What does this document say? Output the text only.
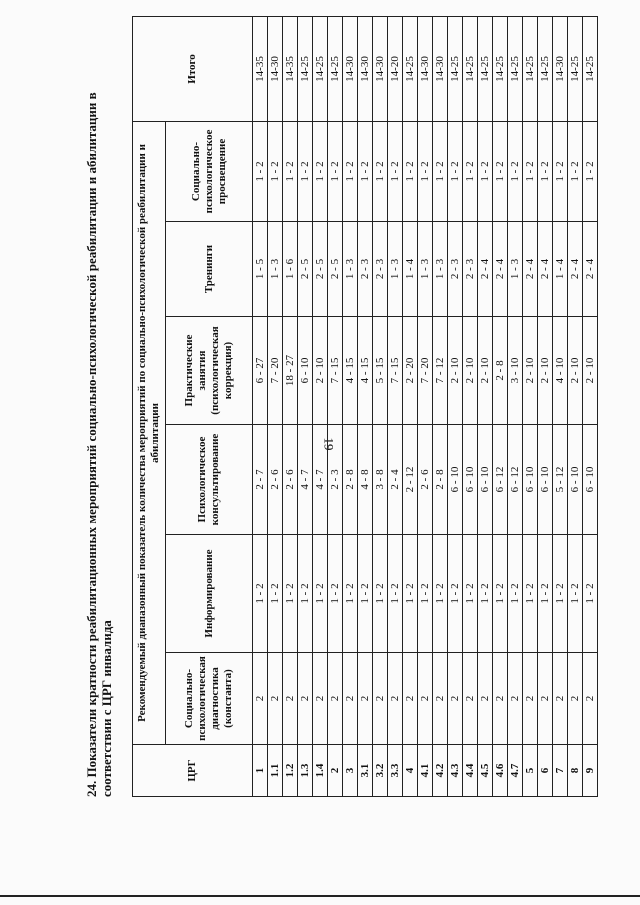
19
24. Показатели кратности реабилитационных мероприятий социально-психологической реабилитации и абилитации в соответствии с ЦРГ инвалида	ЦРГ	Рекомендуемый диапазонный показатель количества мероприятий по социально-психологической реабилитации и абилитации						Итого
	Социально-психологическая диагностика (константа)	Информирование	Психологическое консультирование	Практические занятия (психологическая коррекция)	Тренинги	Социально-психологическое просвещение	
1	2	1 - 2	2 - 7	6 - 27	1 - 5	1 - 2	14-35
1.1	2	1 - 2	2 - 6	7 - 20	1 - 3	1 - 2	14-30
1.2	2	1 - 2	2 - 6	18 - 27	1 - 6	1 - 2	14-35
1.3	2	1 - 2	4 - 7	6 - 10	2 - 5	1 - 2	14-25
1.4	2	1 - 2	4 - 7	2 - 10	2 - 5	1 - 2	14-25
2	2	1 - 2	2 - 3	7 - 15	2 - 5	1 - 2	14-25
3	2	1 - 2	2 - 8	4 - 15	1 - 3	1 - 2	14-30
3.1	2	1 - 2	4 - 8	4 - 15	2 - 3	1 - 2	14-30
3.2	2	1 - 2	3 - 8	5 - 15	2 - 3	1 - 2	14-30
3.3	2	1 - 2	2 - 4	7 - 15	1 - 3	1 - 2	14-20
4	2	1 - 2	2 - 12	2 - 20	1 - 4	1 - 2	14-25
4.1	2	1 - 2	2 - 6	7 - 20	1 - 3	1 - 2	14-30
4.2	2	1 - 2	2 - 8	7 - 12	1 - 3	1 - 2	14-30
4.3	2	1 - 2	6 - 10	2 - 10	2 - 3	1 - 2	14-25
4.4	2	1 - 2	6 - 10	2 - 10	2 - 3	1 - 2	14-25
4.5	2	1 - 2	6 - 10	2 - 10	2 - 4	1 - 2	14-25
4.6	2	1 - 2	6 - 12	2 - 8	2 - 4	1 - 2	14-25
4.7	2	1 - 2	6 - 12	3 - 10	1 - 3	1 - 2	14-25
5	2	1 - 2	6 - 10	2 - 10	2 - 4	1 - 2	14-25
6	2	1 - 2	6 - 10	2 - 10	2 - 4	1 - 2	14-25
7	2	1 - 2	5 - 12	4 - 10	1 - 4	1 - 2	14-30
8	2	1 - 2	6 - 10	2 - 10	2 - 4	1 - 2	14-25
9	2	1 - 2	6 - 10	2 - 10	2 - 4	1 - 2	14-25
